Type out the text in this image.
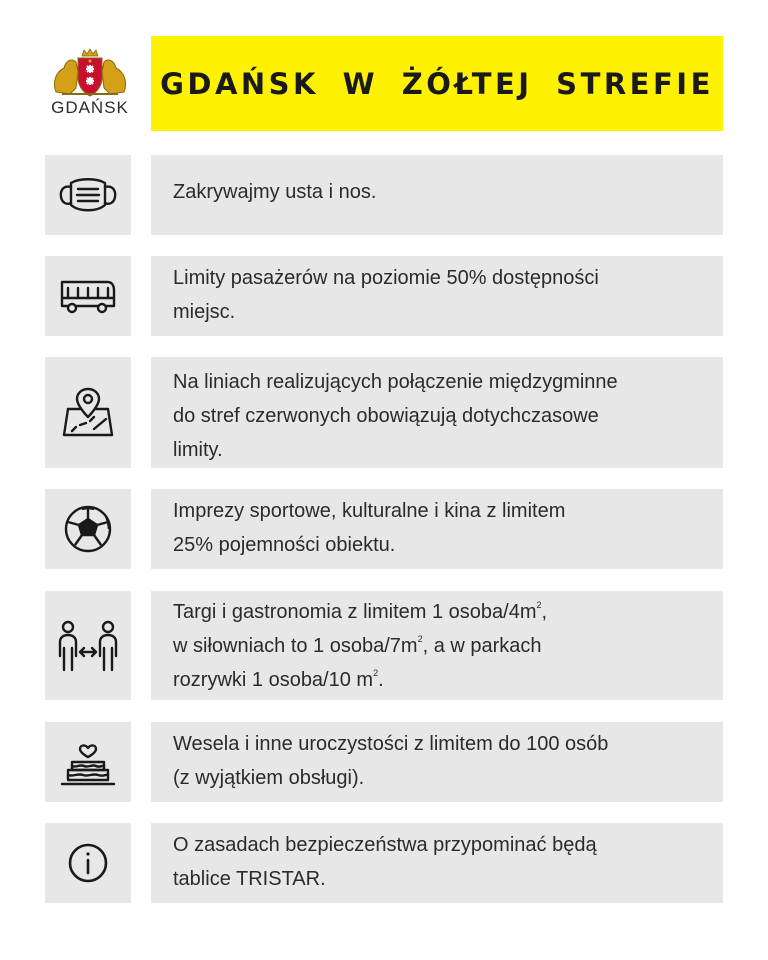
GDAŃSK
GDAŃSK W ŻÓŁTEJ STREFIE
Zakrywajmy usta i nos.
Limity pasażerów na poziomie 50% dostępności
miejsc.
Na liniach realizujących połączenie międzygminne
do stref czerwonych obowiązują dotychczasowe
limity.
Imprezy sportowe, kulturalne i kina z limitem
25% pojemności obiektu.
Targi i gastronomia z limitem 1 osoba/$4m^2$,
w siłowniach to 1 osoba/$7m^2$, a w parkach
rozrywki 1 osoba/10 $m^2$.
Wesela i inne uroczystości z limitem do 100 osób
(z wyjątkiem obsługi).
O zasadach bezpieczeństwa przypominać będą
tablice TRISTAR.
